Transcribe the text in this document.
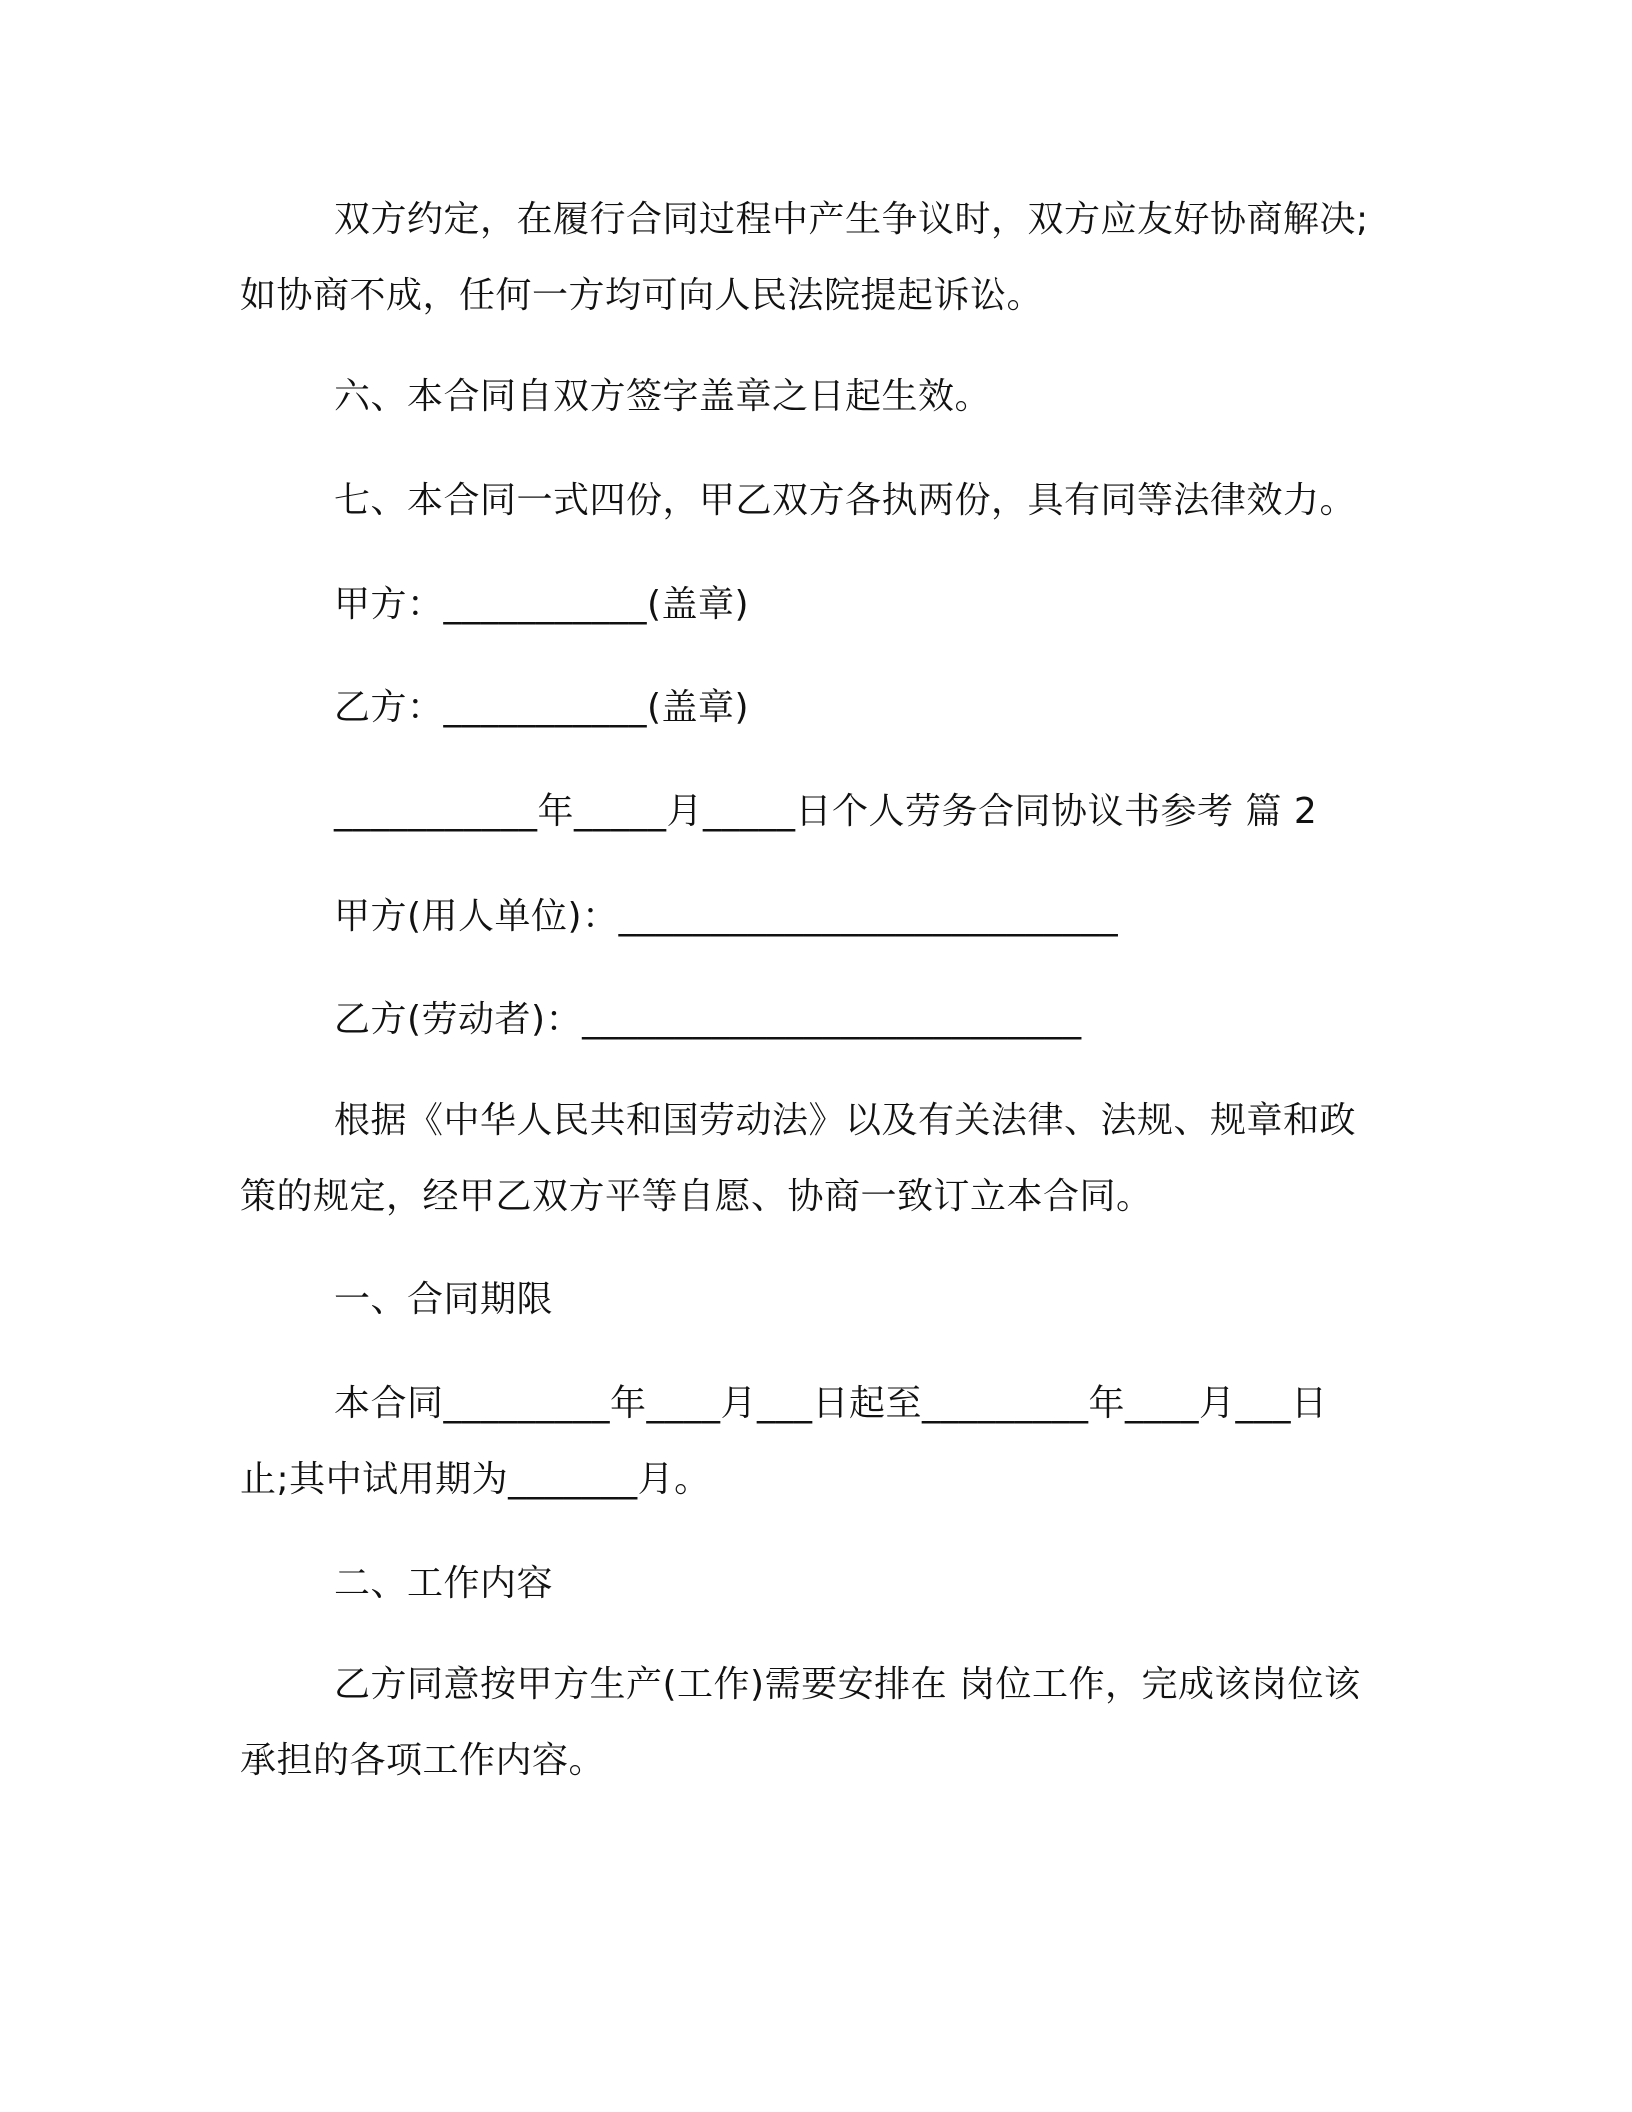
双方约定，在履行合同过程中产生争议时，双方应友好协商解决;
如协商不成，任何一方均可向人民法院提起诉讼。
六、本合同自双方签字盖章之日起生效。
七、本合同一式四份，甲乙双方各执两份，具有同等法律效力。
甲方：___________(盖章)
乙方：___________(盖章)
___________年_____月_____日个人劳务合同协议书参考 篇 2
甲方(用人单位)：___________________________
乙方(劳动者)：___________________________
根据《中华人民共和国劳动法》以及有关法律、法规、规章和政
策的规定，经甲乙双方平等自愿、协商一致订立本合同。
一、合同期限
本合同_________年____月___日起至_________年____月___日
止;其中试用期为_______月。
二、工作内容
乙方同意按甲方生产(工作)需要安排在 岗位工作，完成该岗位该
承担的各项工作内容。
